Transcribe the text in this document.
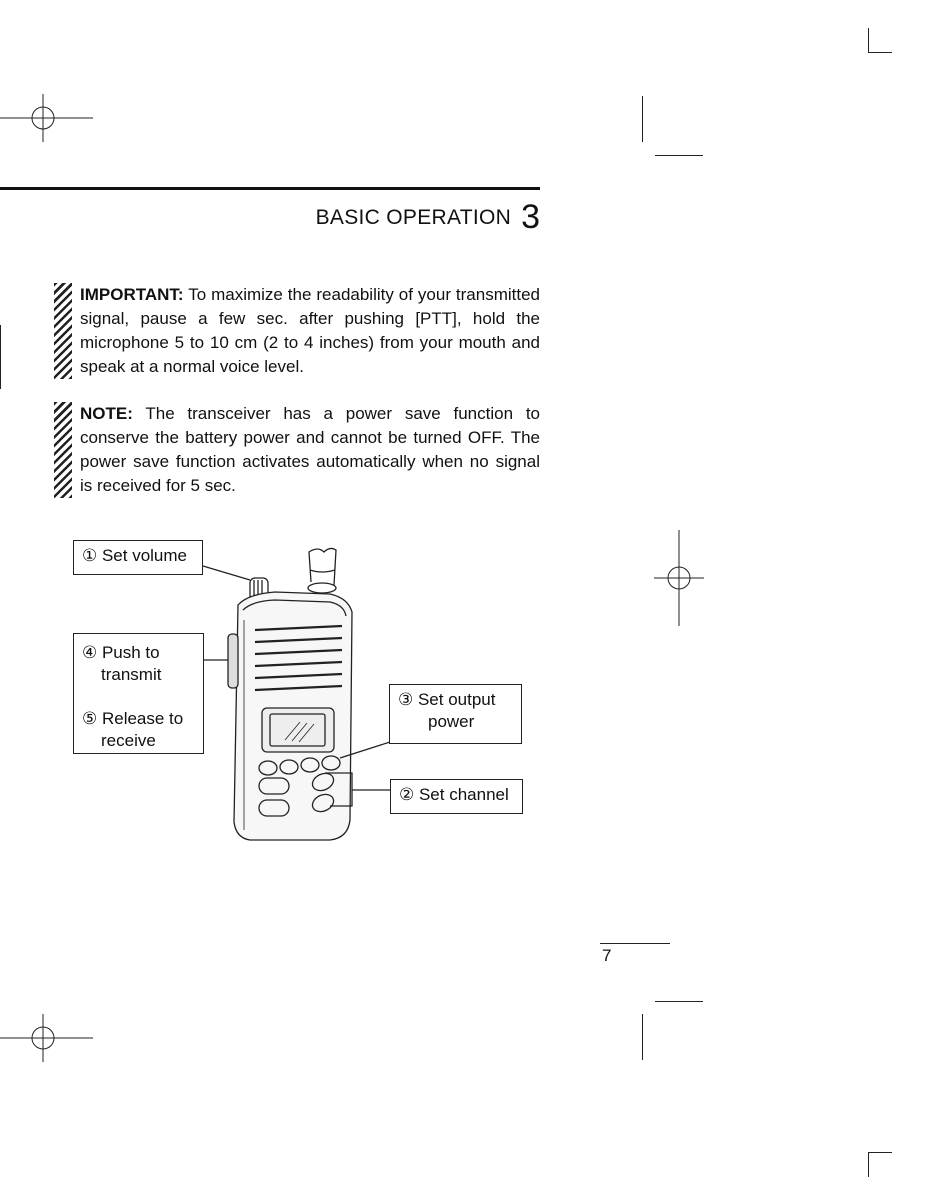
BASIC OPERATION 3
IMPORTANT: To maximize the readability of your transmitted signal, pause a few sec. after pushing [PTT], hold the microphone 5 to 10 cm (2 to 4 inches) from your mouth and speak at a normal voice level.
NOTE: The transceiver has a power save function to conserve the battery power and cannot be turned OFF. The power save function activates automatically when no signal is received for 5 sec.
① Set volume
④ Push to
transmit
⑤ Release to
receive
③ Set output
power
② Set channel
7
